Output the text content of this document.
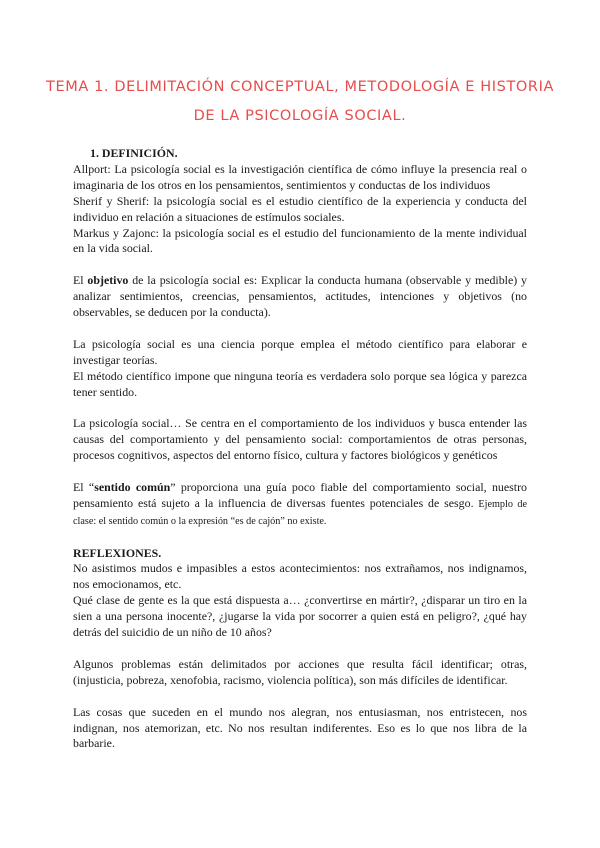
TEMA 1. DELIMITACIÓN CONCEPTUAL, METODOLOGÍA E HISTORIA
DE LA PSICOLOGÍA SOCIAL.
1. DEFINICIÓN.

Allport: La psicología social es la investigación científica de cómo influye la presencia real o imaginaria de los otros en los pensamientos, sentimientos y conductas de los individuos

Sherif y Sherif: la psicología social es el estudio científico de la experiencia y conducta del individuo en relación a situaciones de estímulos sociales.

Markus y Zajonc: la psicología social es el estudio del funcionamiento de la mente individual en la vida social.

El objetivo de la psicología social es: Explicar la conducta humana (observable y medible) y analizar sentimientos, creencias, pensamientos, actitudes, intenciones y objetivos (no observables, se deducen por la conducta).

La psicología social es una ciencia porque emplea el método científico para elaborar e investigar teorías.

El método científico impone que ninguna teoría es verdadera solo porque sea lógica y parezca tener sentido.

La psicología social… Se centra en el comportamiento de los individuos y busca entender las causas del comportamiento y del pensamiento social: comportamientos de otras personas, procesos cognitivos, aspectos del entorno físico, cultura y factores biológicos y genéticos

El “sentido común” proporciona una guía poco fiable del comportamiento social, nuestro pensamiento está sujeto a la influencia de diversas fuentes potenciales de sesgo. Ejemplo de clase: el sentido común o la expresión “es de cajón” no existe.

REFLEXIONES.

No asistimos mudos e impasibles a estos acontecimientos: nos extrañamos, nos indignamos, nos emocionamos, etc.

Qué clase de gente es la que está dispuesta a… ¿convertirse en mártir?, ¿disparar un tiro en la sien a una persona inocente?, ¿jugarse la vida por socorrer a quien está en peligro?, ¿qué hay detrás del suicidio de un niño de 10 años?

Algunos problemas están delimitados por acciones que resulta fácil identificar; otras, (injusticia, pobreza, xenofobia, racismo, violencia política), son más difíciles de identificar.

Las cosas que suceden en el mundo nos alegran, nos entusiasman, nos entristecen, nos indignan, nos atemorizan, etc. No nos resultan indiferentes. Eso es lo que nos libra de la barbarie.
